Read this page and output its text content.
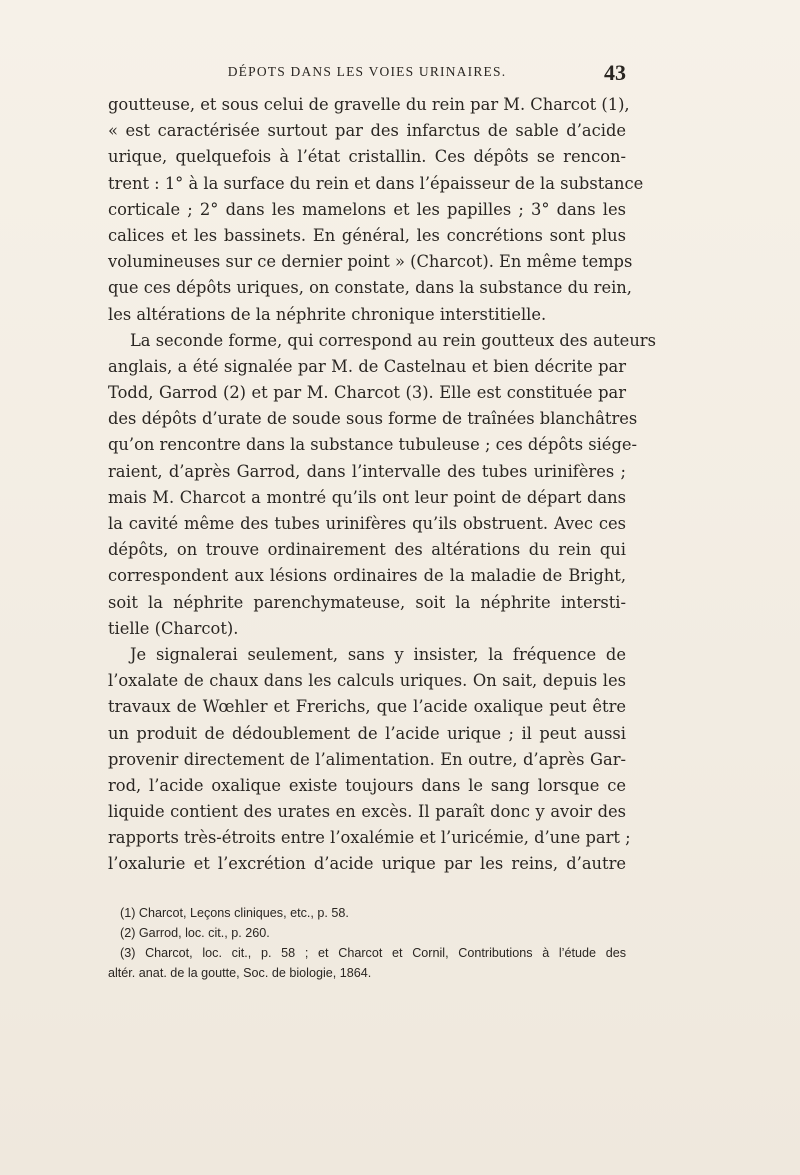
DÉPOTS DANS LES VOIES URINAIRES.	43
goutteuse, et sous celui de gravelle du rein par M. Charcot (1),
« est caractérisée surtout par des infarctus de sable d’acide
urique, quelquefois à l’état cristallin. Ces dépôts se rencon-
trent : 1° à la surface du rein et dans l’épaisseur de la substance
corticale ; 2° dans les mamelons et les papilles ; 3° dans les
calices et les bassinets. En général, les concrétions sont plus
volumineuses sur ce dernier point » (Charcot). En même temps
que ces dépôts uriques, on constate, dans la substance du rein,
les altérations de la néphrite chronique interstitielle.
La seconde forme, qui correspond au rein goutteux des auteurs
anglais, a été signalée par M. de Castelnau et bien décrite par
Todd, Garrod (2) et par M. Charcot (3). Elle est constituée par
des dépôts d’urate de soude sous forme de traînées blanchâtres
qu’on rencontre dans la substance tubuleuse ; ces dépôts siége-
raient, d’après Garrod, dans l’intervalle des tubes urinifères ;
mais M. Charcot a montré qu’ils ont leur point de départ dans
la cavité même des tubes urinifères qu’ils obstruent. Avec ces
dépôts, on trouve ordinairement des altérations du rein qui
correspondent aux lésions ordinaires de la maladie de Bright,
soit la néphrite parenchymateuse, soit la néphrite intersti-
tielle (Charcot).
Je signalerai seulement, sans y insister, la fréquence de
l’oxalate de chaux dans les calculs uriques. On sait, depuis les
travaux de Wœhler et Frerichs, que l’acide oxalique peut être
un produit de dédoublement de l’acide urique ; il peut aussi
provenir directement de l’alimentation. En outre, d’après Gar-
rod, l’acide oxalique existe toujours dans le sang lorsque ce
liquide contient des urates en excès. Il paraît donc y avoir des
rapports très-étroits entre l’oxalémie et l’uricémie, d’une part ;
l’oxalurie et l’excrétion d’acide urique par les reins, d’autre
(1) Charcot, Leçons cliniques, etc., p. 58.
(2) Garrod, loc. cit., p. 260.
(3) Charcot, loc. cit., p. 58 ; et Charcot et Cornil, Contributions à l’étude des
altér. anat. de la goutte, Soc. de biologie, 1864.
